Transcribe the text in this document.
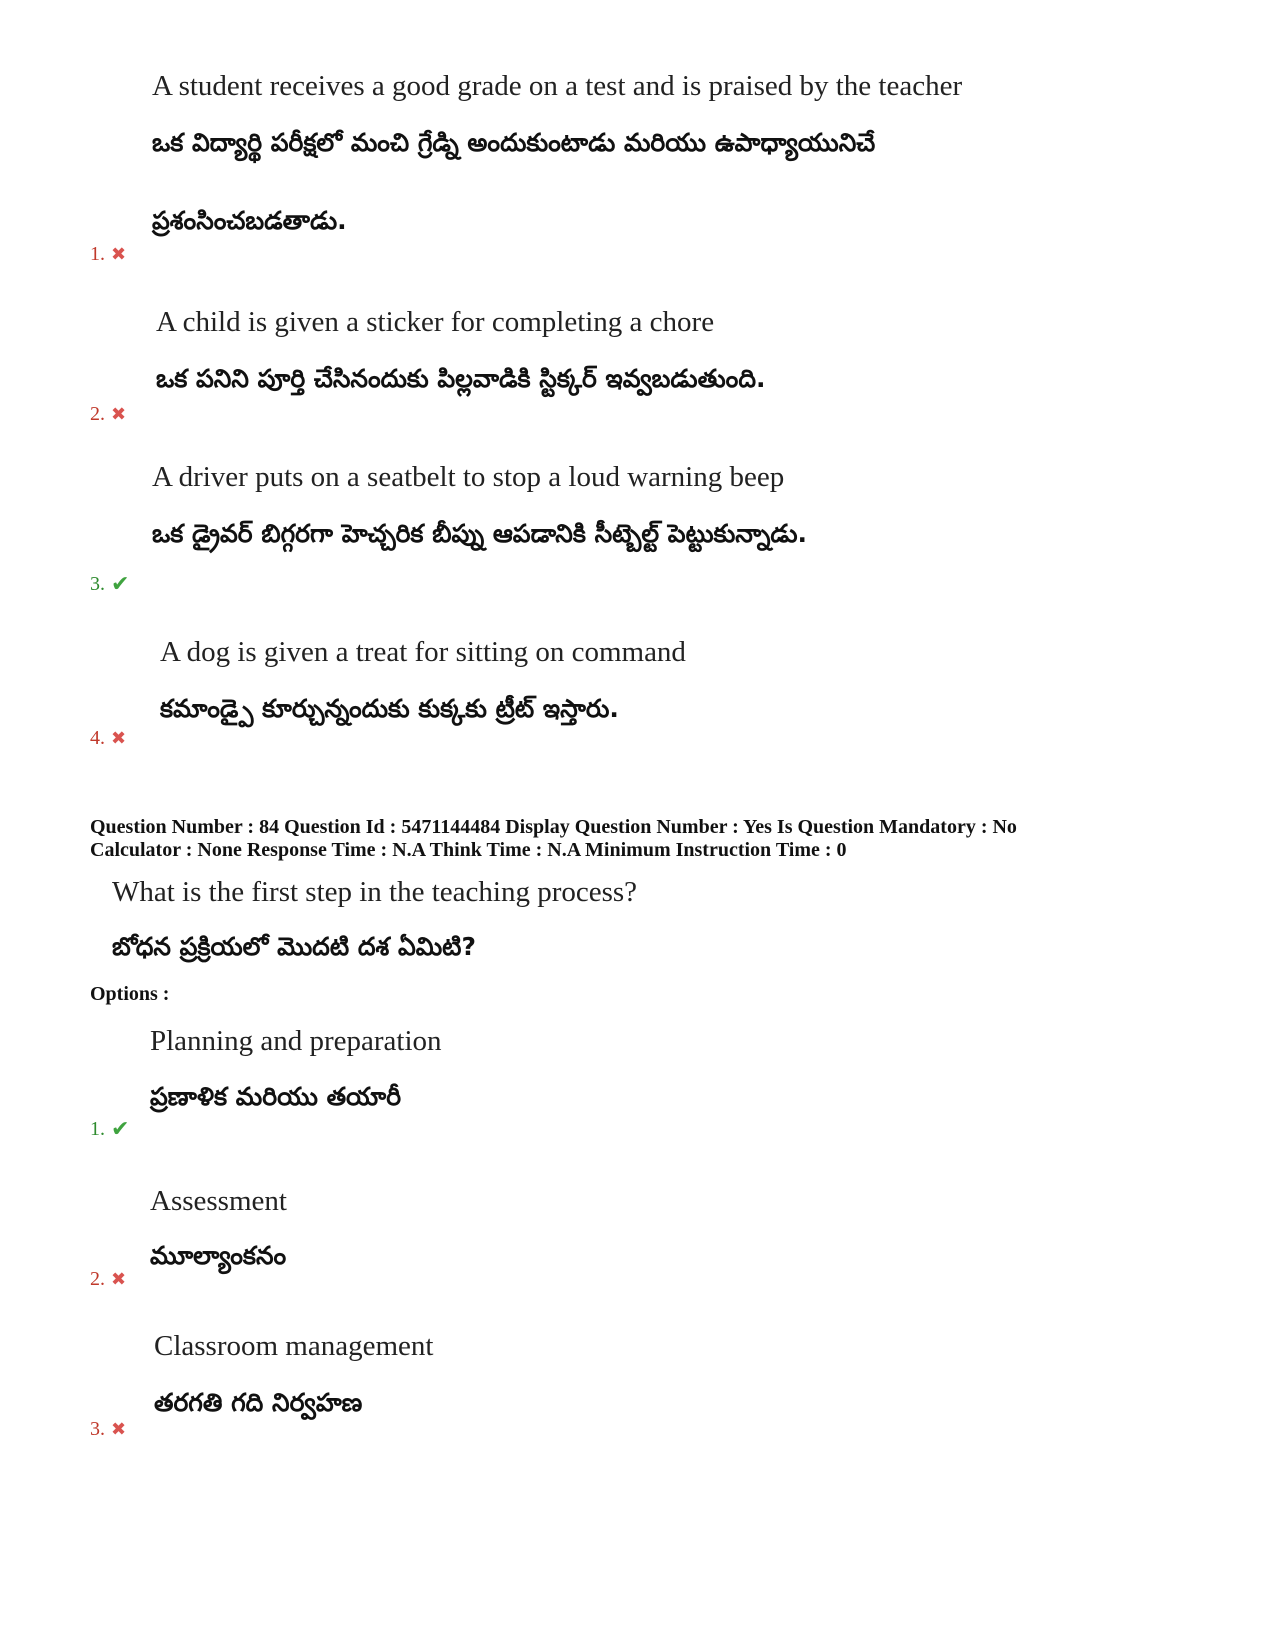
A student receives a good grade on a test and is praised by the teacher
ఒక విద్యార్థి పరీక్షలో మంచి గ్రేడ్ని అందుకుంటాడు మరియు ఉపాధ్యాయునిచే
ప్రశంసించబడతాడు.
1. ✖
A child is given a sticker for completing a chore
ఒక పనిని పూర్తి చేసినందుకు పిల్లవాడికి స్టిక్కర్ ఇవ్వబడుతుంది.
2. ✖
A driver puts on a seatbelt to stop a loud warning beep
ఒక డ్రైవర్ బిగ్గరగా హెచ్చరిక బీప్ను ఆపడానికి సీట్బెల్ట్ పెట్టుకున్నాడు.
3. ✔
A dog is given a treat for sitting on command
కమాండ్పై కూర్చున్నందుకు కుక్కకు ట్రీట్ ఇస్తారు.
4. ✖
Question Number : 84 Question Id : 5471144484 Display Question Number : Yes Is Question Mandatory : No
Calculator : None Response Time : N.A Think Time : N.A Minimum Instruction Time : 0
What is the first step in the teaching process?
బోధన ప్రక్రియలో మొదటి దశ ఏమిటి?
Options :
Planning and preparation
ప్రణాళిక మరియు తయారీ
1. ✔
Assessment
మూల్యాంకనం
2. ✖
Classroom management
తరగతి గది నిర్వహణ
3. ✖
